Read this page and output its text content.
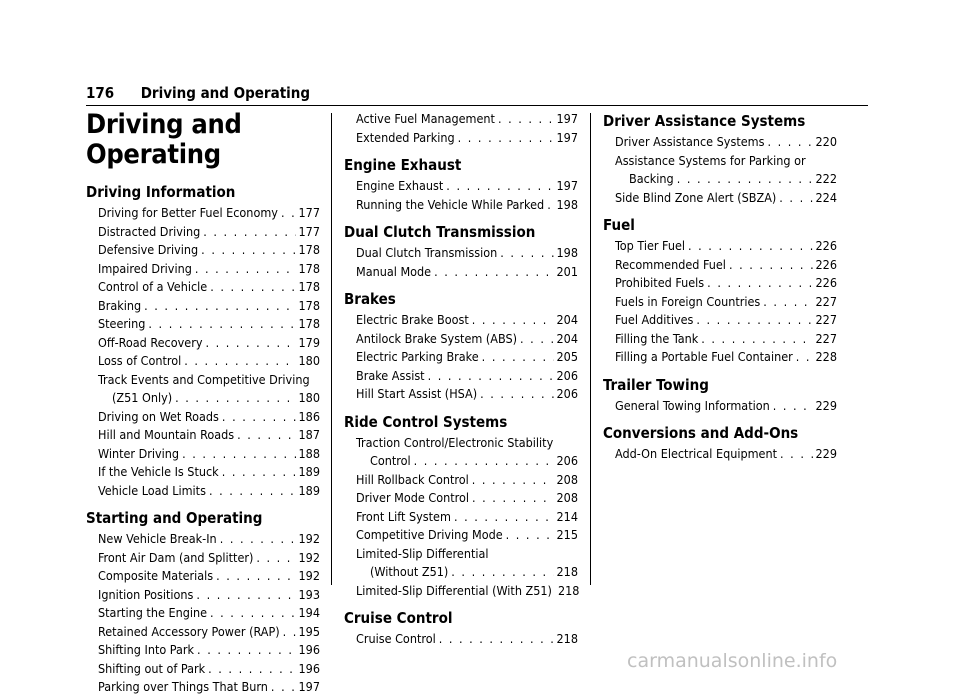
176 Driving and Operating
Driving and Operating
Driving Information
Driving for Better Fuel Economy . . . 177
Distracted Driving . . .	177
Defensive Driving . . .	178
Impaired Driving . . .	178
Control of a Vehicle . . .	178
Braking . . .	178
Steering . . .	178
Off-Road Recovery . . .	179
Loss of Control . . .	180
Track Events and Competitive Driving
(Z51 Only) . . .	180
Driving on Wet Roads . . .	186
Hill and Mountain Roads . . .	187
Winter Driving . . .	188
If the Vehicle Is Stuck . . .	189
Vehicle Load Limits . . .	189
Starting and Operating
New Vehicle Break-In . . .	192
Front Air Dam (and Splitter) . . .	192
Composite Materials . . .	192
Ignition Positions . . .	193
Starting the Engine . . .	194
Retained Accessory Power (RAP) . . . 195
Shifting Into Park . . .	196
Shifting out of Park . . .	196
Parking over Things That Burn . . . 197
Active Fuel Management . . .	197
Extended Parking . . .	197
Engine Exhaust
Engine Exhaust . . .	197
Running the Vehicle While Parked . . . 198
Dual Clutch Transmission
Dual Clutch Transmission . . .	198
Manual Mode . . .	201
Brakes
Electric Brake Boost . . .	204
Antilock Brake System (ABS) . . .	204
Electric Parking Brake . . .	205
Brake Assist . . .	206
Hill Start Assist (HSA) . . .	206
Ride Control Systems
Traction Control/Electronic Stability
Control . . .	206
Hill Rollback Control . . .	208
Driver Mode Control . . .	208
Front Lift System . . .	214
Competitive Driving Mode . . .	215
Limited-Slip Differential
(Without Z51) . . .	218
Limited-Slip Differential (With Z51) 218
Cruise Control
Cruise Control . . .	218
Driver Assistance Systems
Driver Assistance Systems . . .	220
Assistance Systems for Parking or
Backing . . .	222
Side Blind Zone Alert (SBZA) . . .	224
Fuel
Top Tier Fuel . . .	226
Recommended Fuel . . .	226
Prohibited Fuels . . .	226
Fuels in Foreign Countries . . .	227
Fuel Additives . . .	227
Filling the Tank . . .	227
Filling a Portable Fuel Container . . . 228
Trailer Towing
General Towing Information . . .	229
Conversions and Add-Ons
Add-On Electrical Equipment . . .	229
carmanualsonline.info
